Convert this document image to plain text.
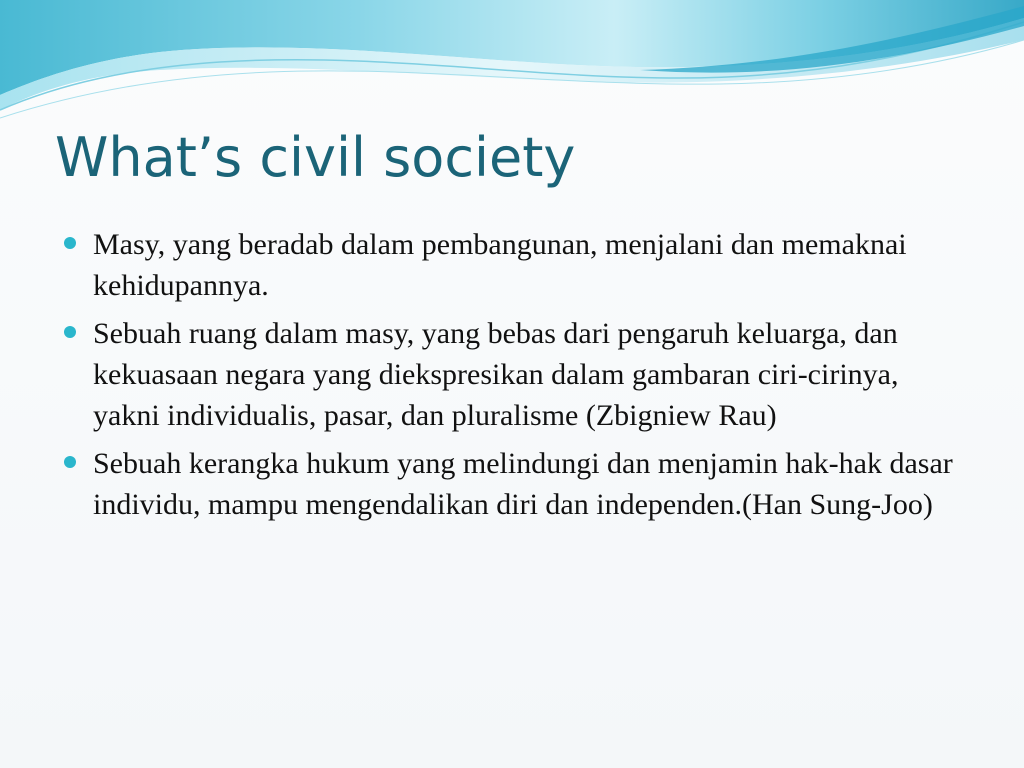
What’s civil society
Masy, yang beradab dalam pembangunan, menjalani dan memaknai kehidupannya.
Sebuah ruang dalam masy, yang bebas dari pengaruh keluarga, dan kekuasaan negara yang diekspresikan dalam gambaran ciri-cirinya, yakni individualis, pasar, dan pluralisme (Zbigniew Rau)
Sebuah kerangka hukum yang melindungi dan menjamin hak-hak dasar individu, mampu mengendalikan diri dan independen.(Han Sung-Joo)
